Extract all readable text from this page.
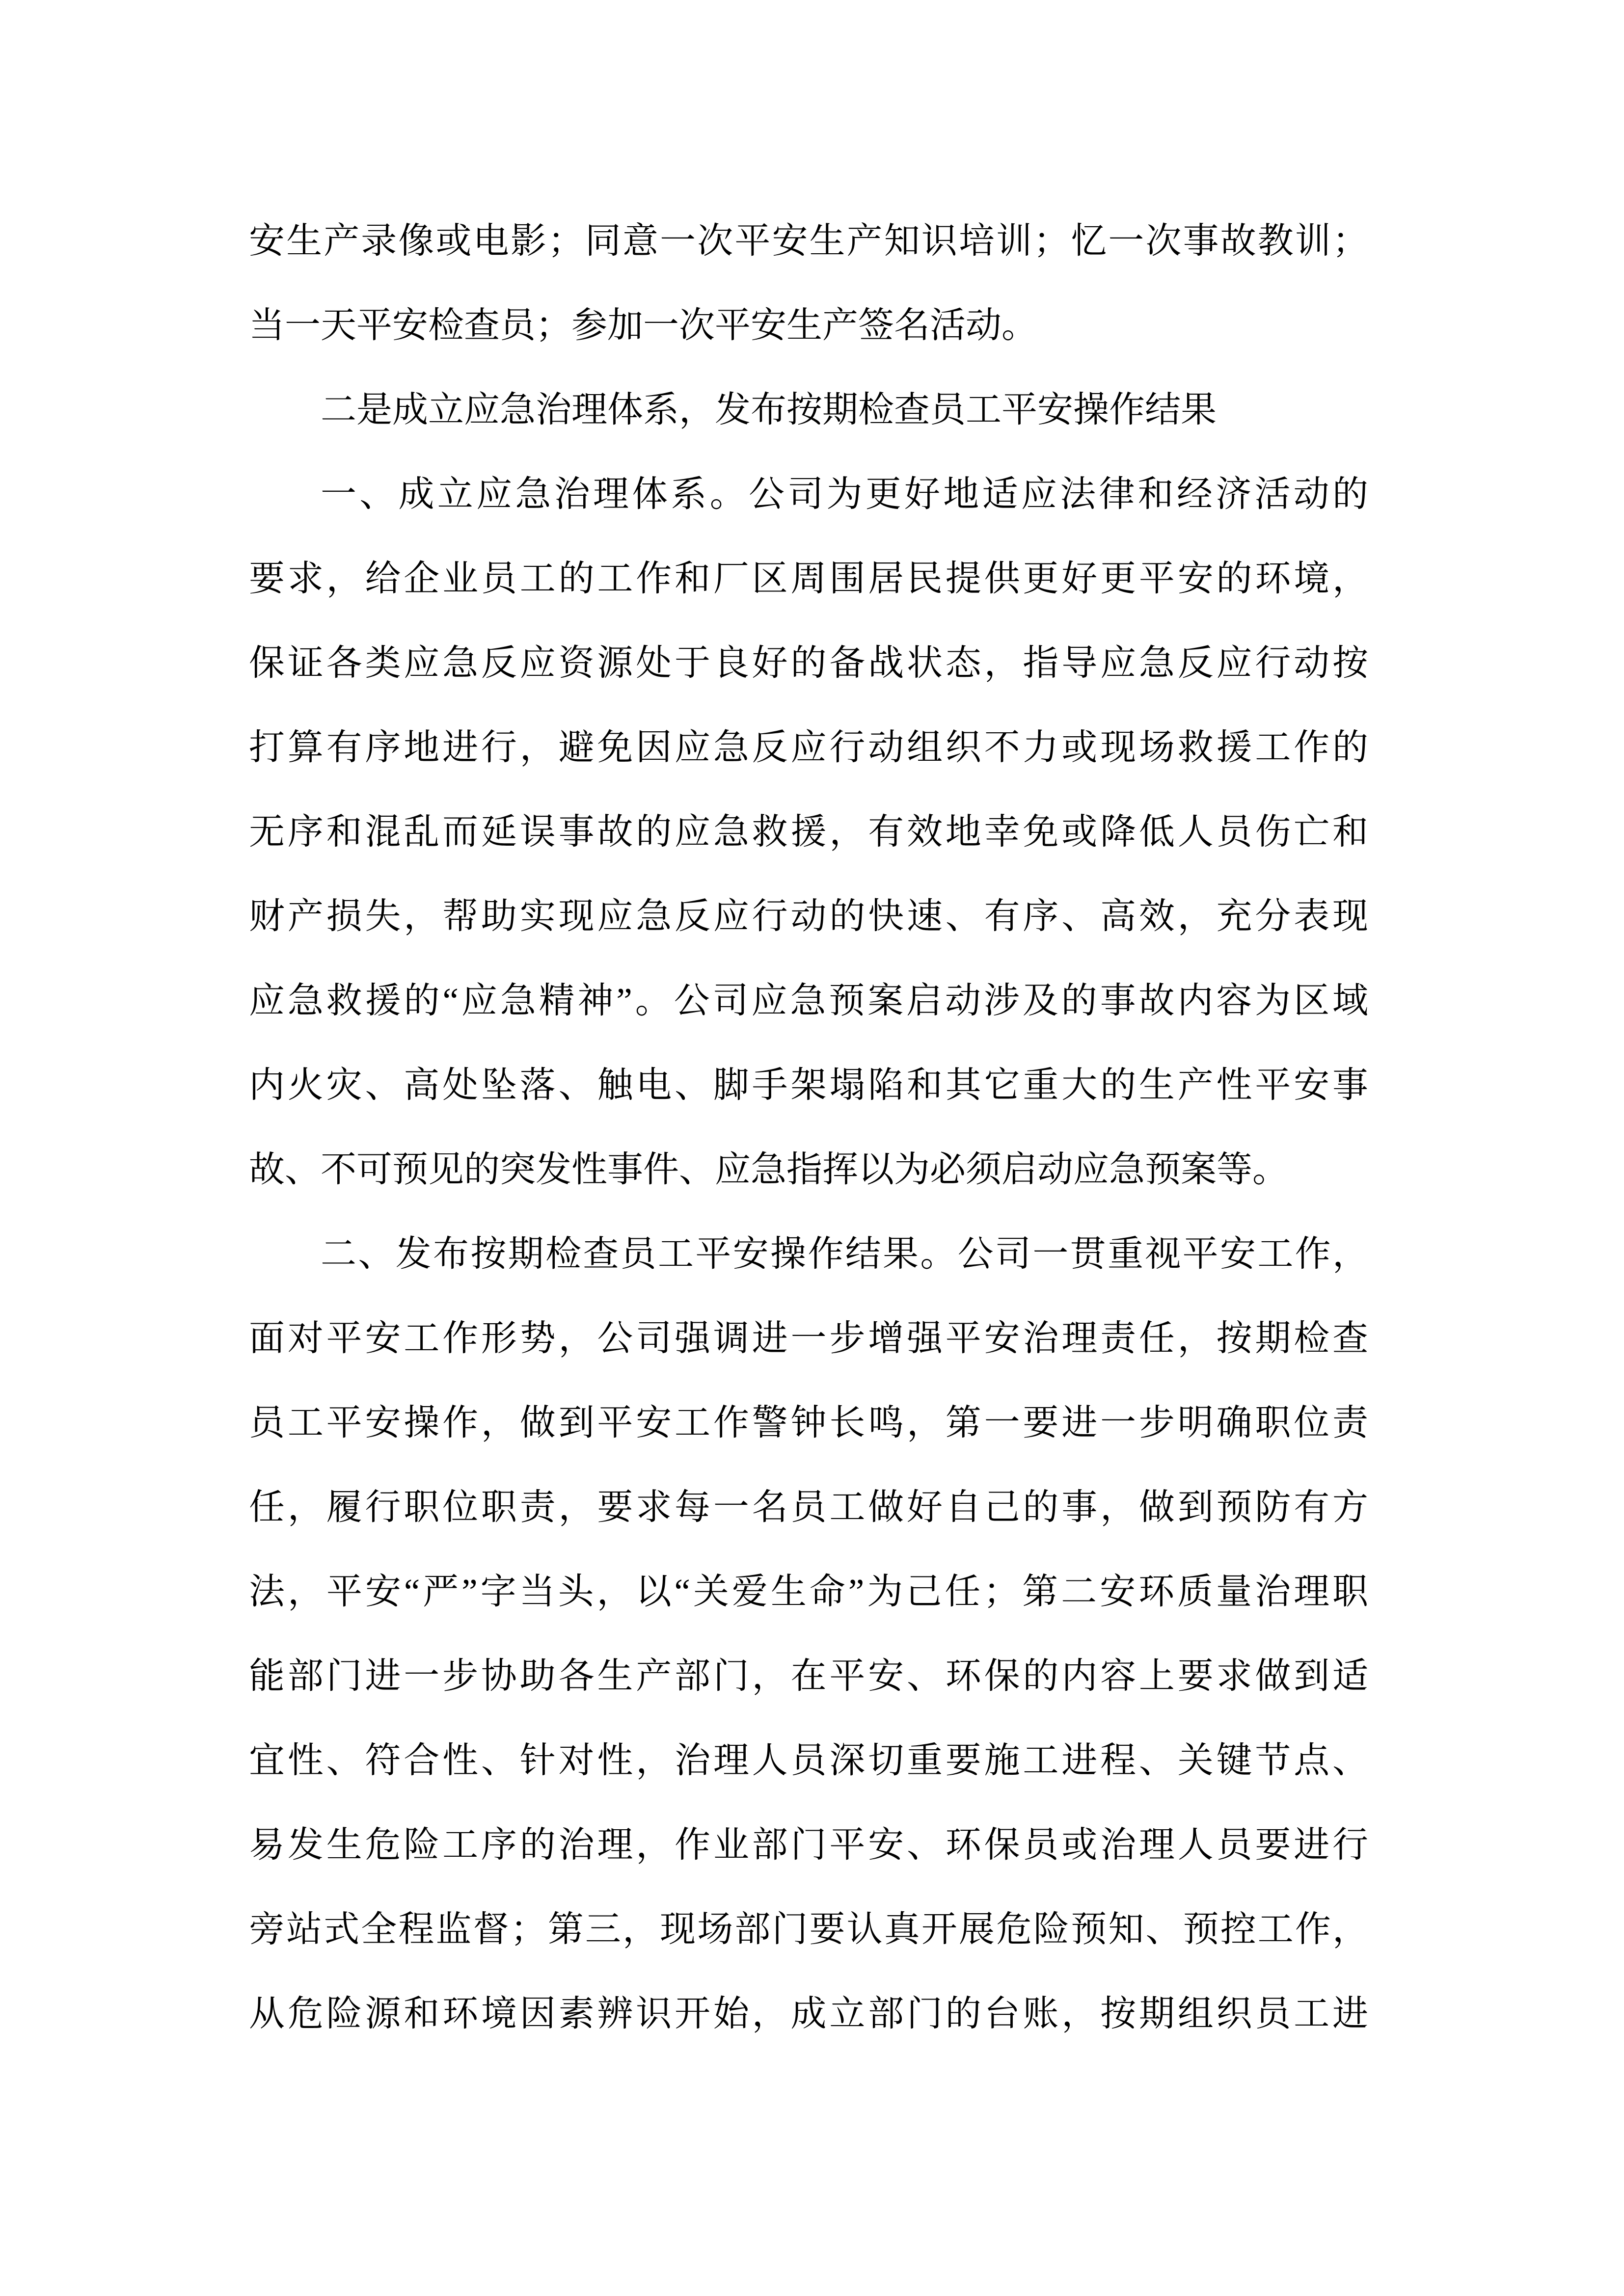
安生产录像或电影；同意一次平安生产知识培训；忆一次事故教训；
当一天平安检查员；参加一次平安生产签名活动。
二是成立应急治理体系，发布按期检查员工平安操作结果
一、成立应急治理体系。公司为更好地适应法律和经济活动的
要求，给企业员工的工作和厂区周围居民提供更好更平安的环境，
保证各类应急反应资源处于良好的备战状态，指导应急反应行动按
打算有序地进行，避免因应急反应行动组织不力或现场救援工作的
无序和混乱而延误事故的应急救援，有效地幸免或降低人员伤亡和
财产损失，帮助实现应急反应行动的快速、有序、高效，充分表现
应急救援的“应急精神”。公司应急预案启动涉及的事故内容为区域
内火灾、高处坠落、触电、脚手架塌陷和其它重大的生产性平安事
故、不可预见的突发性事件、应急指挥以为必须启动应急预案等。
二、发布按期检查员工平安操作结果。公司一贯重视平安工作，
面对平安工作形势，公司强调进一步增强平安治理责任，按期检查
员工平安操作，做到平安工作警钟长鸣，第一要进一步明确职位责
任，履行职位职责，要求每一名员工做好自己的事，做到预防有方
法，平安“严”字当头，以“关爱生命”为己任；第二安环质量治理职
能部门进一步协助各生产部门，在平安、环保的内容上要求做到适
宜性、符合性、针对性，治理人员深切重要施工进程、关键节点、
易发生危险工序的治理，作业部门平安、环保员或治理人员要进行
旁站式全程监督；第三，现场部门要认真开展危险预知、预控工作，
从危险源和环境因素辨识开始，成立部门的台账，按期组织员工进
